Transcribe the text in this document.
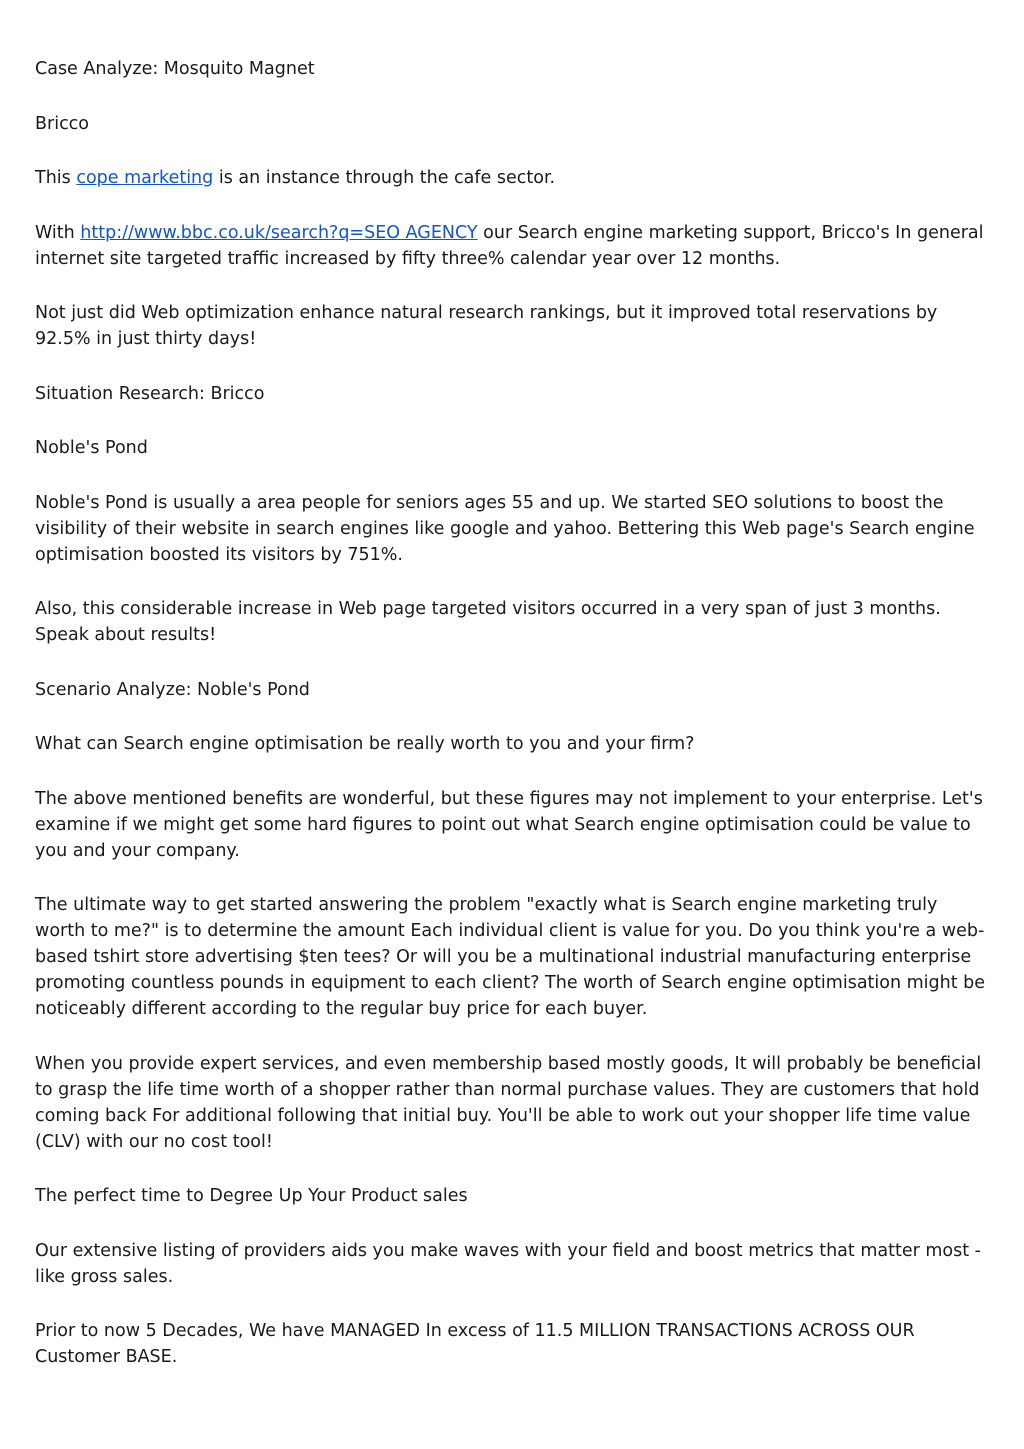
Case Analyze: Mosquito Magnet

Bricco

This cope marketing is an instance through the cafe sector.

With http://www.bbc.co.uk/search?q=SEO AGENCY our Search engine marketing support, Bricco's In general internet site targeted traffic increased by fifty three% calendar year over 12 months.

Not just did Web optimization enhance natural research rankings, but it improved total reservations by 92.5% in just thirty days!

Situation Research: Bricco

Noble's Pond

Noble's Pond is usually a area people for seniors ages 55 and up. We started SEO solutions to boost the visibility of their website in search engines like google and yahoo. Bettering this Web page's Search engine optimisation boosted its visitors by 751%.

Also, this considerable increase in Web page targeted visitors occurred in a very span of just 3 months. Speak about results!

Scenario Analyze: Noble's Pond

What can Search engine optimisation be really worth to you and your firm?

The above mentioned benefits are wonderful, but these figures may not implement to your enterprise. Let's examine if we might get some hard figures to point out what Search engine optimisation could be value to you and your company.

The ultimate way to get started answering the problem "exactly what is Search engine marketing truly worth to me?" is to determine the amount Each individual client is value for you. Do you think you're a web-based tshirt store advertising $ten tees? Or will you be a multinational industrial manufacturing enterprise promoting countless pounds in equipment to each client? The worth of Search engine optimisation might be noticeably different according to the regular buy price for each buyer.

When you provide expert services, and even membership based mostly goods, It will probably be beneficial to grasp the life time worth of a shopper rather than normal purchase values. They are customers that hold coming back For additional following that initial buy. You'll be able to work out your shopper life time value (CLV) with our no cost tool!

The perfect time to Degree Up Your Product sales

Our extensive listing of providers aids you make waves with your field and boost metrics that matter most - like gross sales.

Prior to now 5 Decades, We have MANAGED In excess of 11.5 MILLION TRANSACTIONS ACROSS OUR Customer BASE.
